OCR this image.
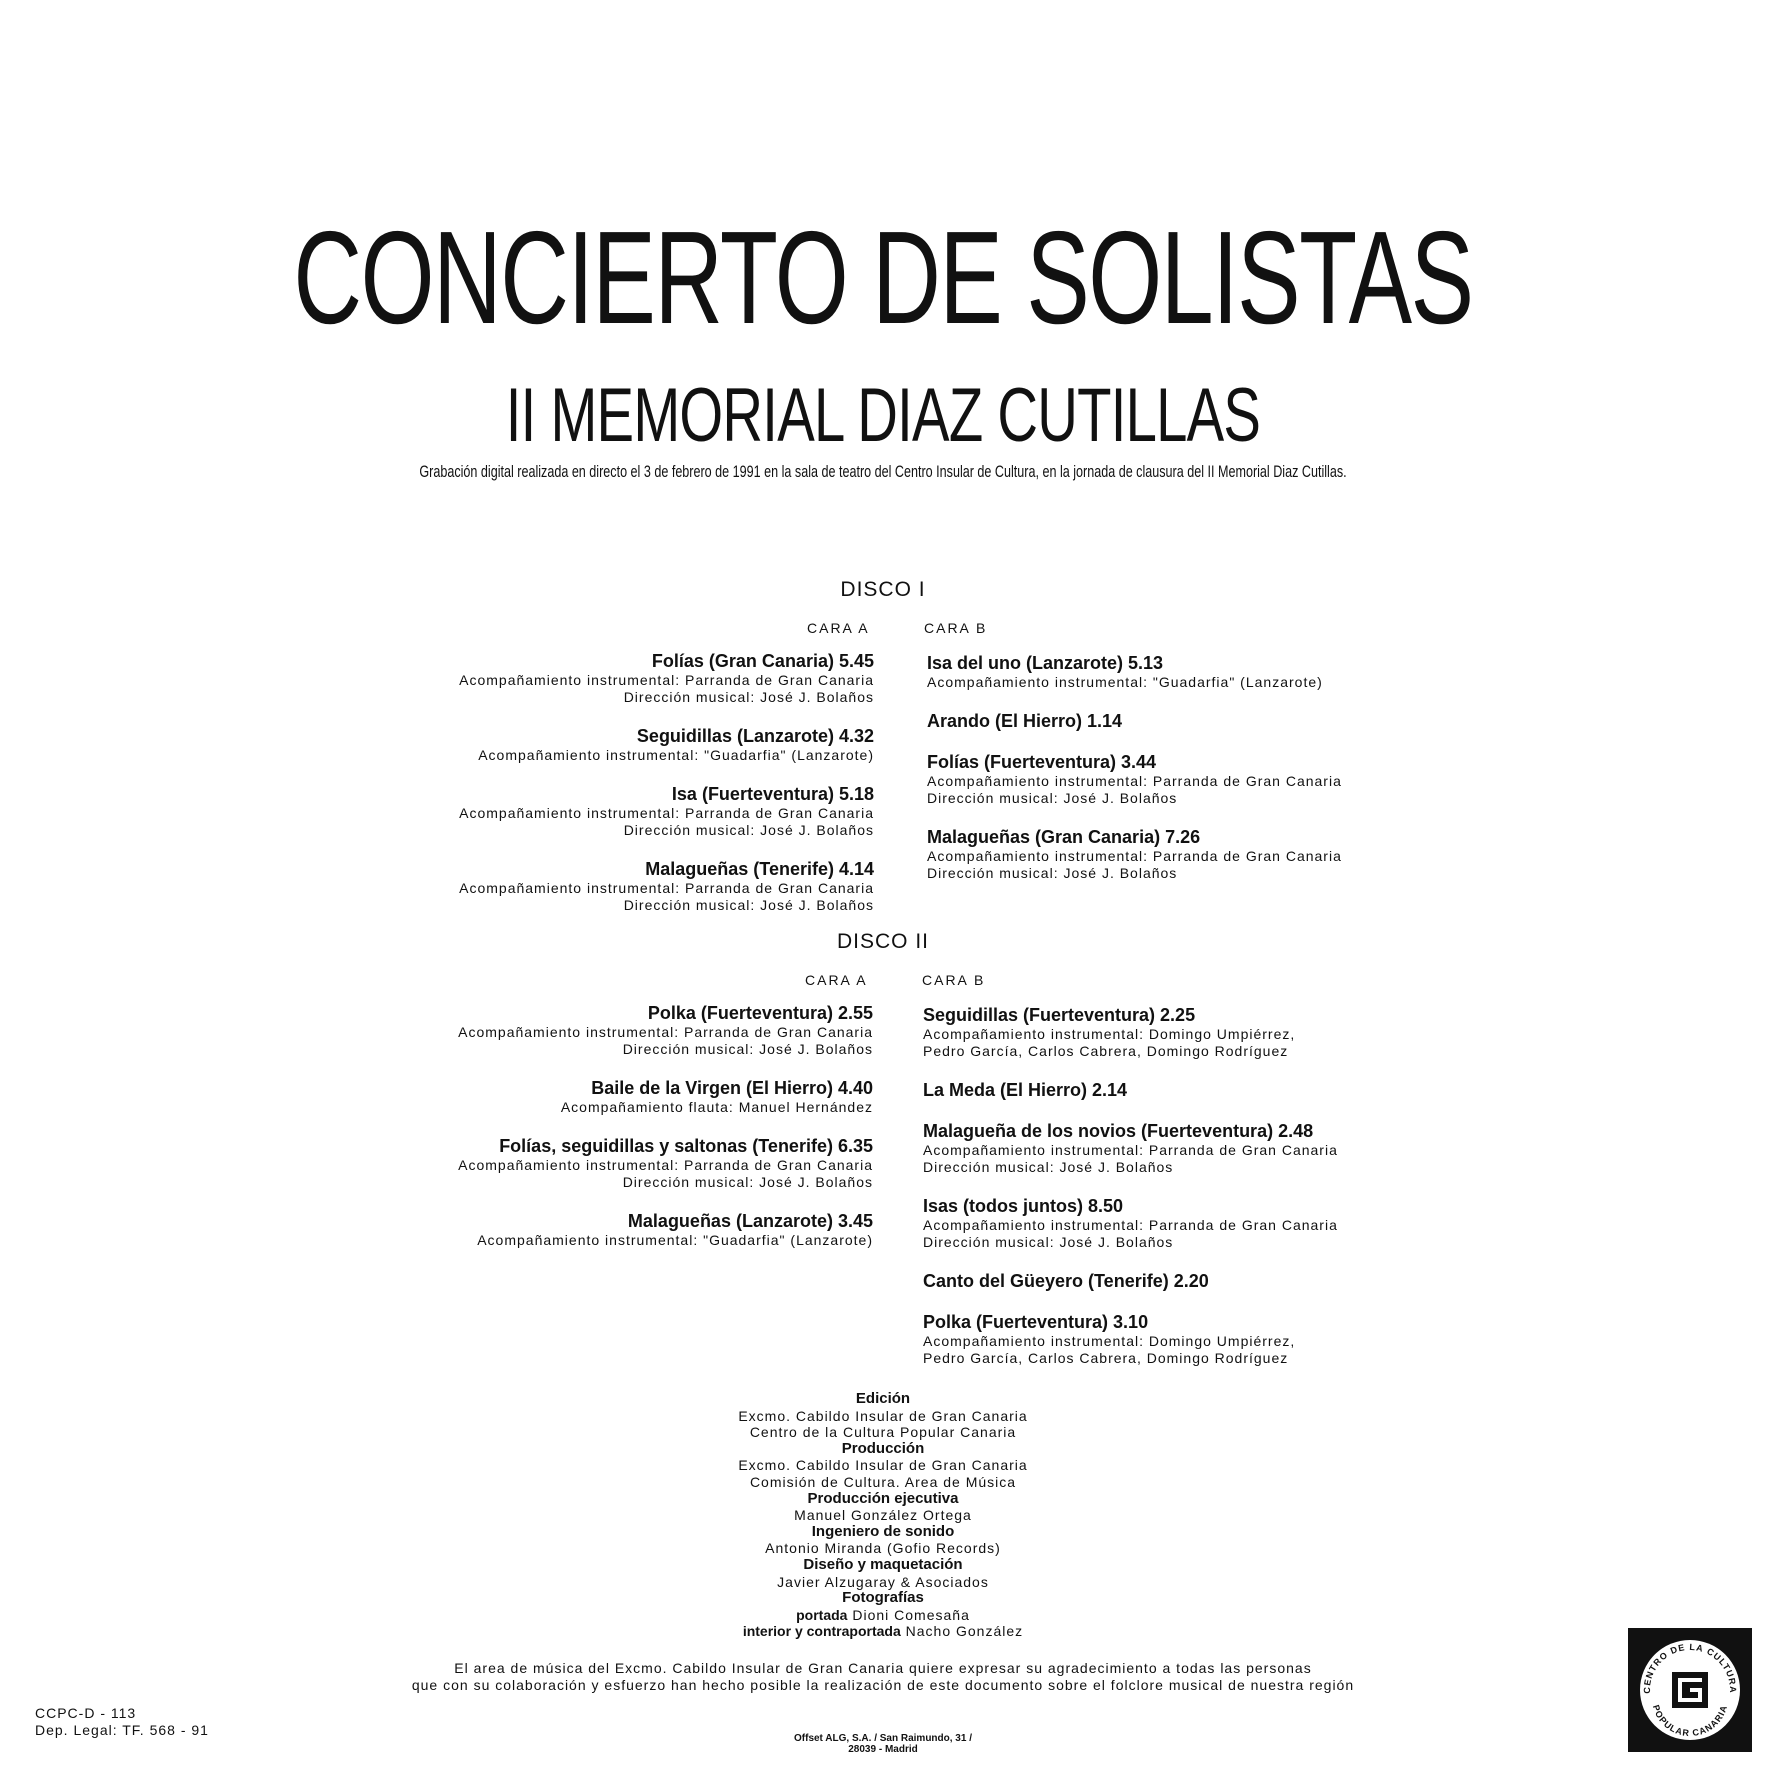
CONCIERTO DE SOLISTAS
II MEMORIAL DIAZ CUTILLAS
Grabación digital realizada en directo el 3 de febrero de 1991 en la sala de teatro del Centro Insular de Cultura, en la jornada de clausura del II Memorial Diaz Cutillas.
DISCO I
CARA A	CARA B
Folías (Gran Canaria) 5.45
Acompañamiento instrumental: Parranda de Gran Canaria
Dirección musical: José J. Bolaños
Seguidillas (Lanzarote) 4.32
Acompañamiento instrumental: "Guadarfia" (Lanzarote)
Isa (Fuerteventura) 5.18
Acompañamiento instrumental: Parranda de Gran Canaria
Dirección musical: José J. Bolaños
Malagueñas (Tenerife) 4.14
Acompañamiento instrumental: Parranda de Gran Canaria
Dirección musical: José J. Bolaños
Isa del uno (Lanzarote) 5.13
Acompañamiento instrumental: "Guadarfia" (Lanzarote)
Arando (El Hierro) 1.14
Folías (Fuerteventura) 3.44
Acompañamiento instrumental: Parranda de Gran Canaria
Dirección musical: José J. Bolaños
Malagueñas (Gran Canaria) 7.26
Acompañamiento instrumental: Parranda de Gran Canaria
Dirección musical: José J. Bolaños
DISCO II
CARA A	CARA B
Polka (Fuerteventura) 2.55
Acompañamiento instrumental: Parranda de Gran Canaria
Dirección musical: José J. Bolaños
Baile de la Virgen (El Hierro) 4.40
Acompañamiento flauta: Manuel Hernández
Folías, seguidillas y saltonas (Tenerife) 6.35
Acompañamiento instrumental: Parranda de Gran Canaria
Dirección musical: José J. Bolaños
Malagueñas (Lanzarote) 3.45
Acompañamiento instrumental: "Guadarfia" (Lanzarote)
Seguidillas (Fuerteventura) 2.25
Acompañamiento instrumental: Domingo Umpiérrez,
Pedro García, Carlos Cabrera, Domingo Rodríguez
La Meda (El Hierro) 2.14
Malagueña de los novios (Fuerteventura) 2.48
Acompañamiento instrumental: Parranda de Gran Canaria
Dirección musical: José J. Bolaños
Isas (todos juntos) 8.50
Acompañamiento instrumental: Parranda de Gran Canaria
Dirección musical: José J. Bolaños
Canto del Güeyero (Tenerife) 2.20
Polka (Fuerteventura) 3.10
Acompañamiento instrumental: Domingo Umpiérrez,
Pedro García, Carlos Cabrera, Domingo Rodríguez
Edición
Excmo. Cabildo Insular de Gran Canaria
Centro de la Cultura Popular Canaria
Producción
Excmo. Cabildo Insular de Gran Canaria
Comisión de Cultura. Area de Música
Producción ejecutiva
Manuel González Ortega
Ingeniero de sonido
Antonio Miranda (Gofio Records)
Diseño y maquetación
Javier Alzugaray & Asociados
Fotografías
portada Dioni Comesaña
interior y contraportada Nacho González
El area de música del Excmo. Cabildo Insular de Gran Canaria quiere expresar su agradecimiento a todas las personas
que con su colaboración y esfuerzo han hecho posible la realización de este documento sobre el folclore musical de nuestra región
CCPC-D - 113
Dep. Legal: TF. 568 - 91
Offset ALG, S.A. / San Raimundo, 31 / 28039 - Madrid
CENTRO DE LA CULTURA
POPULAR CANARIA
